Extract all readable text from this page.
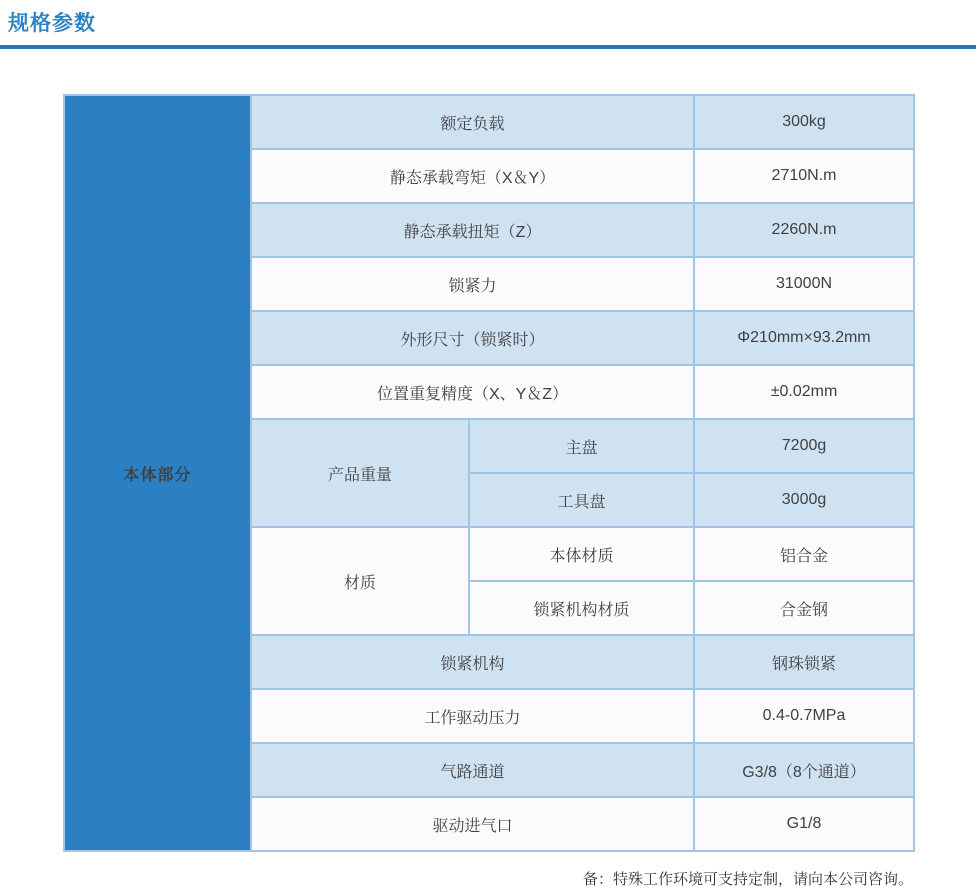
规格参数
本体部分	额定负载		300kg
	静态承载弯矩（X＆Y）		2710N.m
	静态承载扭矩（Z）		2260N.m
	锁紧力		31000N
	外形尺寸（锁紧时）		Φ210mm×93.2mm
	位置重复精度（X、Y＆Z）		±0.02mm
	产品重量	主盘	7200g
		工具盘	3000g
	材质	本体材质	铝合金
		锁紧机构材质	合金钢
	锁紧机构		钢珠锁紧
	工作驱动压力		0.4-0.7MPa
	气路通道		G3/8（8个通道）
	驱动进气口		G1/8
备：特殊工作环境可支持定制，请向本公司咨询。
